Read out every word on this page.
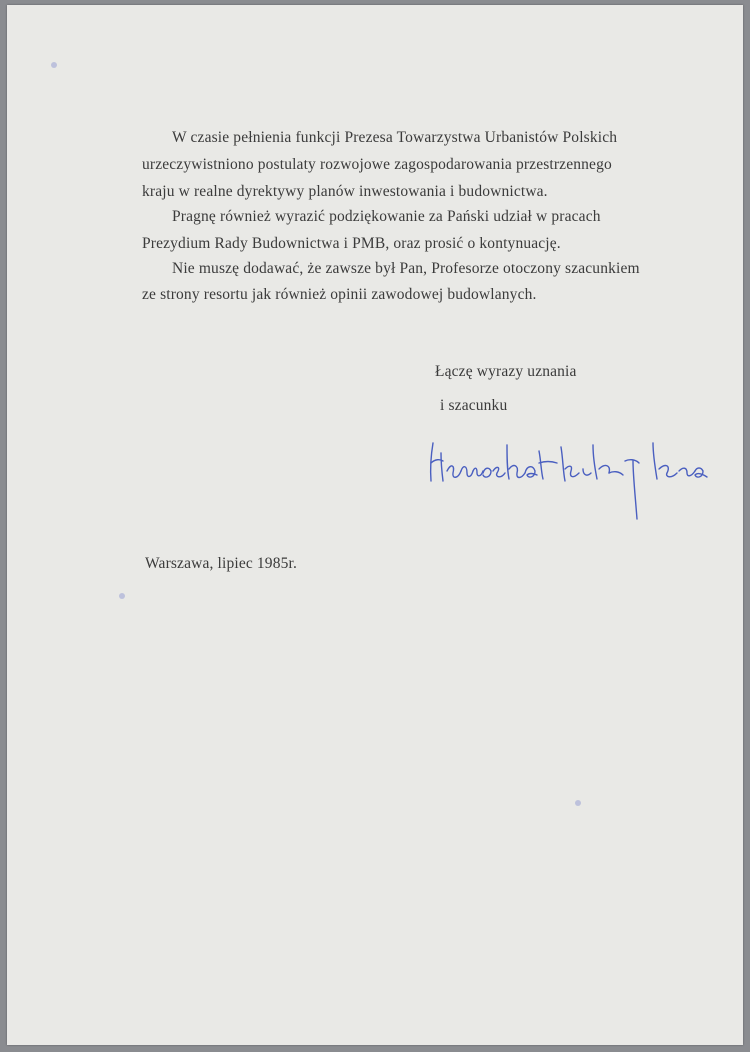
W czasie pełnienia funkcji Prezesa Towarzystwa Urbanistów Polskich
urzeczywistniono postulaty rozwojowe zagospodarowania przestrzennego
kraju w realne dyrektywy planów inwestowania i budownictwa.
Pragnę również wyrazić podziękowanie za Pański udział w pracach
Prezydium Rady Budownictwa i PMB, oraz prosić o kontynuację.
Nie muszę dodawać, że zawsze był Pan, Profesorze otoczony szacunkiem
ze strony resortu jak również opinii zawodowej budowlanych.
Łączę wyrazy uznania
i szacunku
Warszawa, lipiec 1985r.
